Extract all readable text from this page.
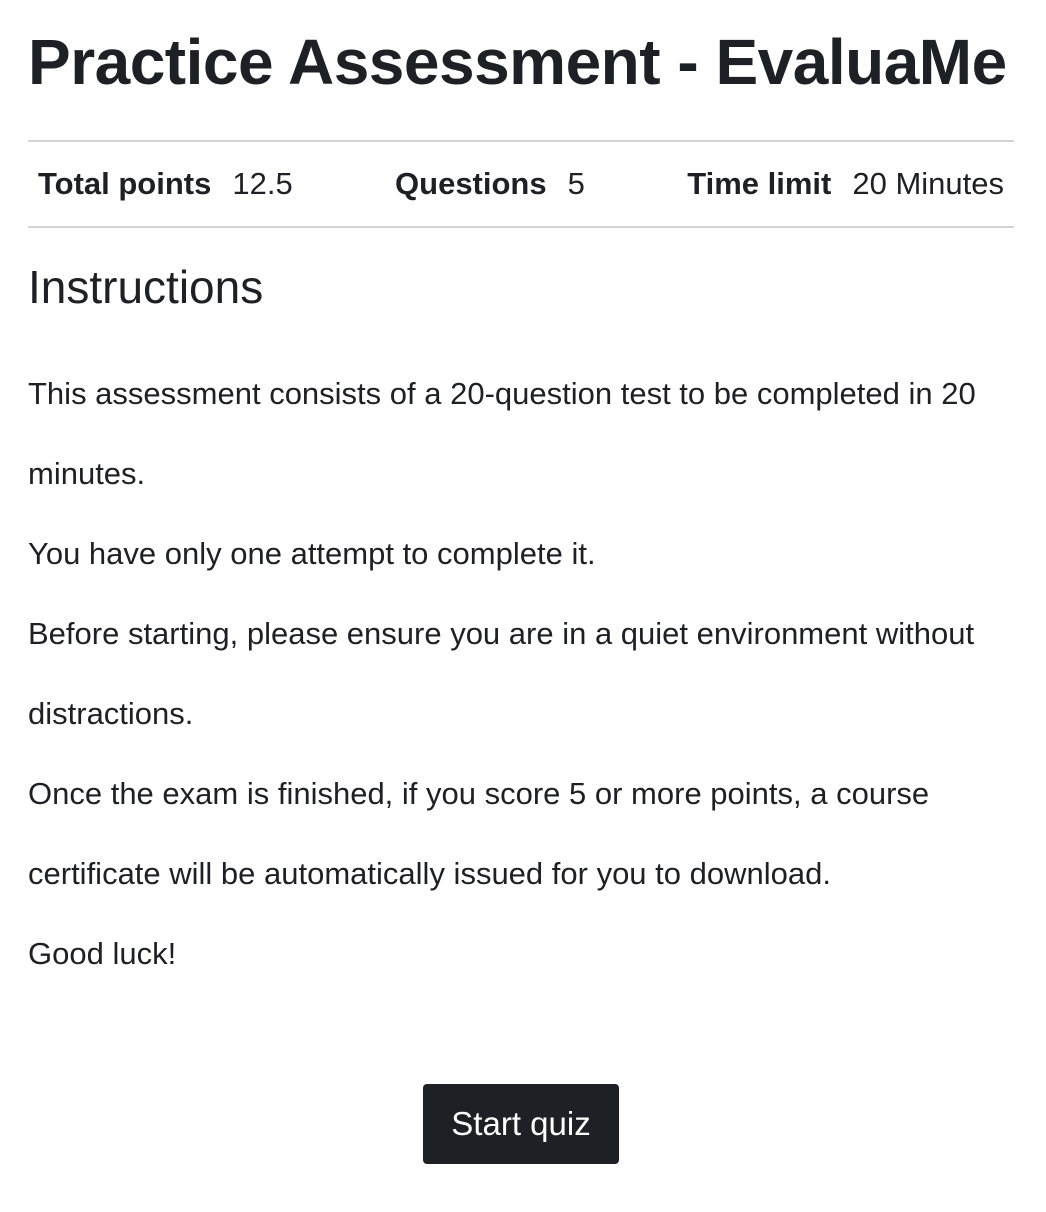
Practice Assessment - EvaluaMe
Total points 12.5	Questions 5	Time limit 20 Minutes
Instructions

This assessment consists of a 20-question test to be completed in 20 minutes.

You have only one attempt to complete it.

Before starting, please ensure you are in a quiet environment without distractions.

Once the exam is finished, if you score 5 or more points, a course certificate will be automatically issued for you to download.

Good luck!

Start quiz
